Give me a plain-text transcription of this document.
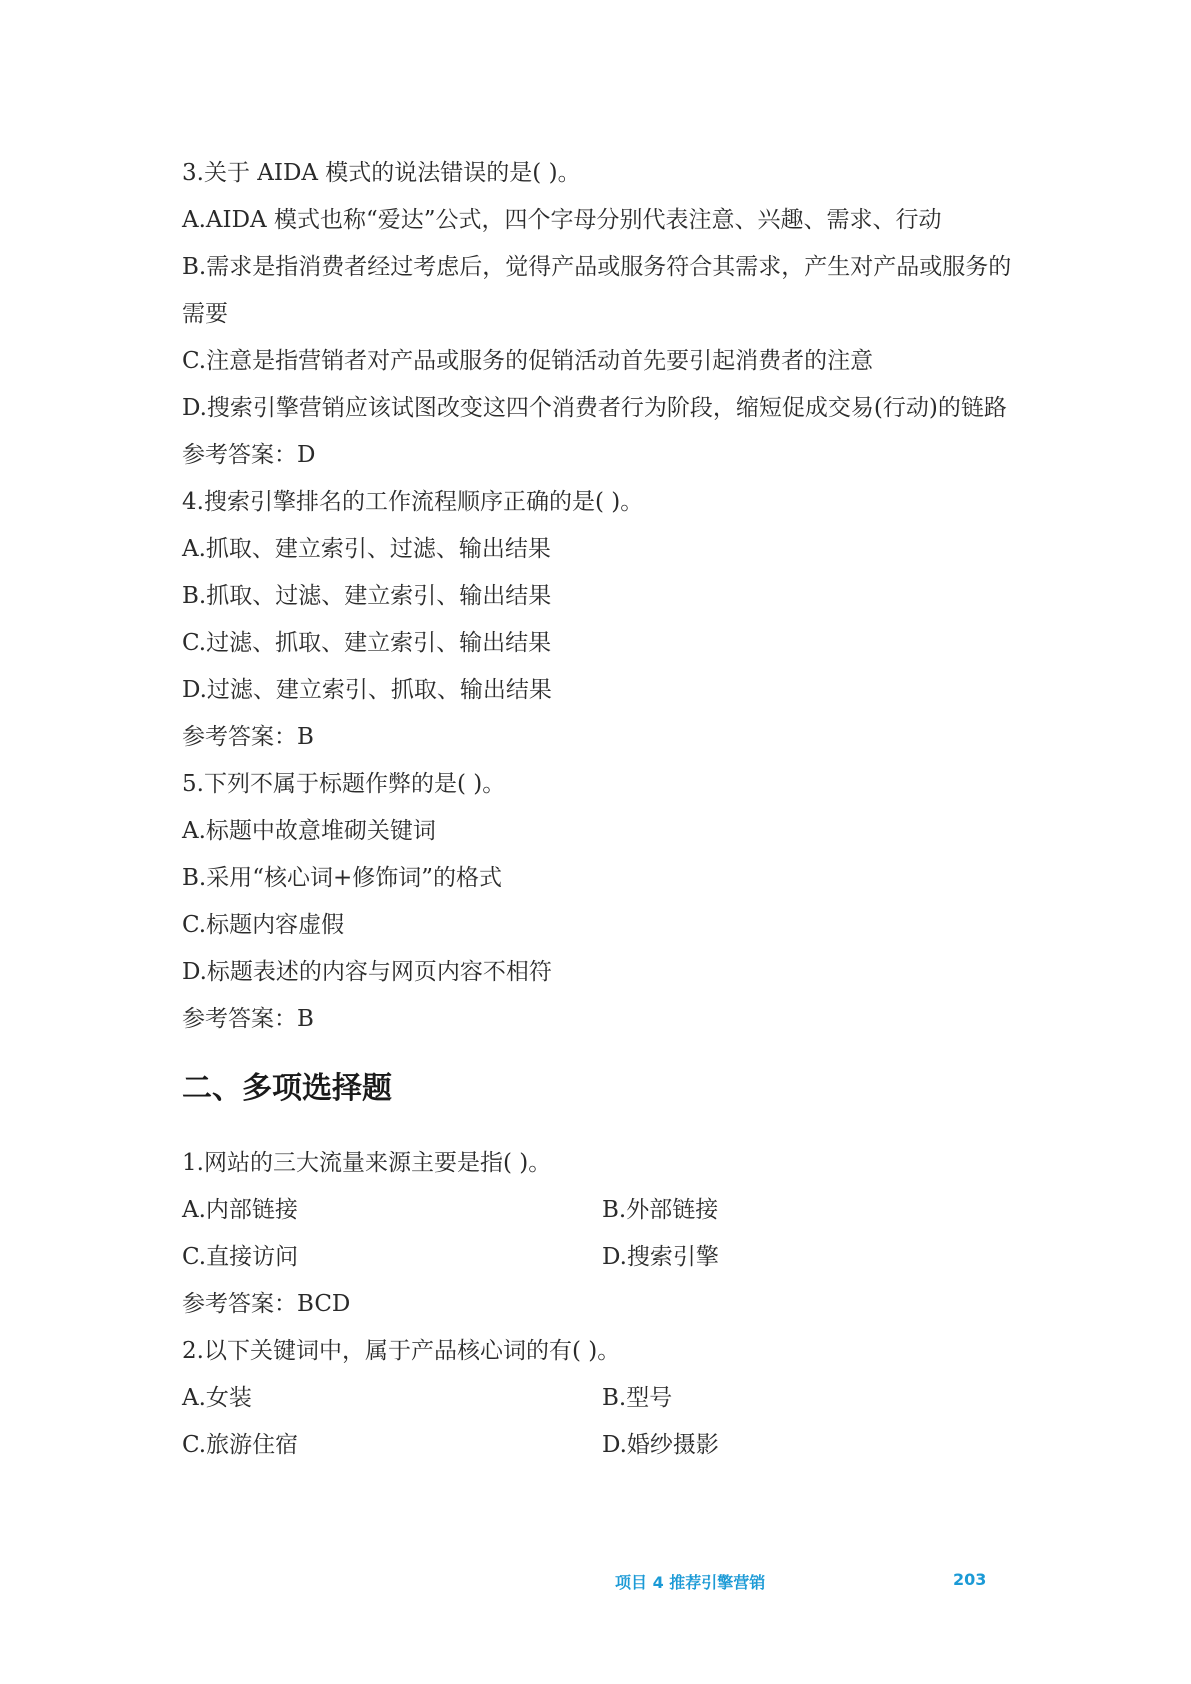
3.关于 AIDA 模式的说法错误的是( )。
A.AIDA 模式也称“爱达”公式，四个字母分别代表注意、兴趣、需求、行动
B.需求是指消费者经过考虑后，觉得产品或服务符合其需求，产生对产品或服务的需要
C.注意是指营销者对产品或服务的促销活动首先要引起消费者的注意
D.搜索引擎营销应该试图改变这四个消费者行为阶段，缩短促成交易(行动)的链路
参考答案：D
4.搜索引擎排名的工作流程顺序正确的是( )。
A.抓取、建立索引、过滤、输出结果
B.抓取、过滤、建立索引、输出结果
C.过滤、抓取、建立索引、输出结果
D.过滤、建立索引、抓取、输出结果
参考答案：B
5.下列不属于标题作弊的是( )。
A.标题中故意堆砌关键词
B.采用“核心词+修饰词”的格式
C.标题内容虚假
D.标题表述的内容与网页内容不相符
参考答案：B
二、多项选择题
1.网站的三大流量来源主要是指( )。
A.内部链接	B.外部链接
C.直接访问	D.搜索引擎
参考答案：BCD
2.以下关键词中，属于产品核心词的有( )。
A.女装	B.型号
C.旅游住宿	D.婚纱摄影
项目 4 推荐引擎营销	203
